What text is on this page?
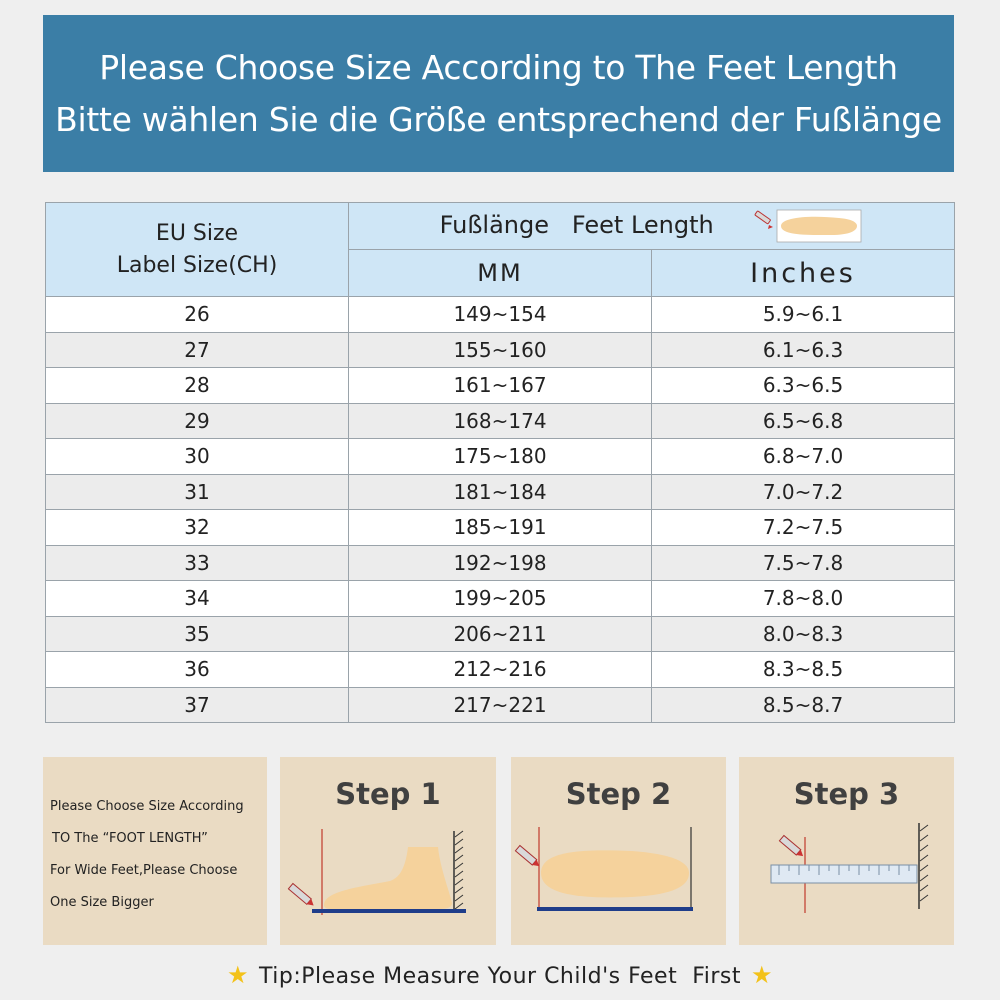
Please Choose Size According to The Feet Length
Bitte wählen Sie die Größe entsprechend der Fußlänge
EU Size
Label Size(CH)	Fußlänge   Feet Length	
	MM	Inches
26	149~154	5.9~6.1
27	155~160	6.1~6.3
28	161~167	6.3~6.5
29	168~174	6.5~6.8
30	175~180	6.8~7.0
31	181~184	7.0~7.2
32	185~191	7.2~7.5
33	192~198	7.5~7.8
34	199~205	7.8~8.0
35	206~211	8.0~8.3
36	212~216	8.3~8.5
37	217~221	8.5~8.7
Please Choose Size According
TO The “FOOT LENGTH”
For Wide Feet,Please Choose
One Size Bigger
Step 1	Step 2	Step 3
★ Tip:Please Measure Your Child's Feet  First ★
